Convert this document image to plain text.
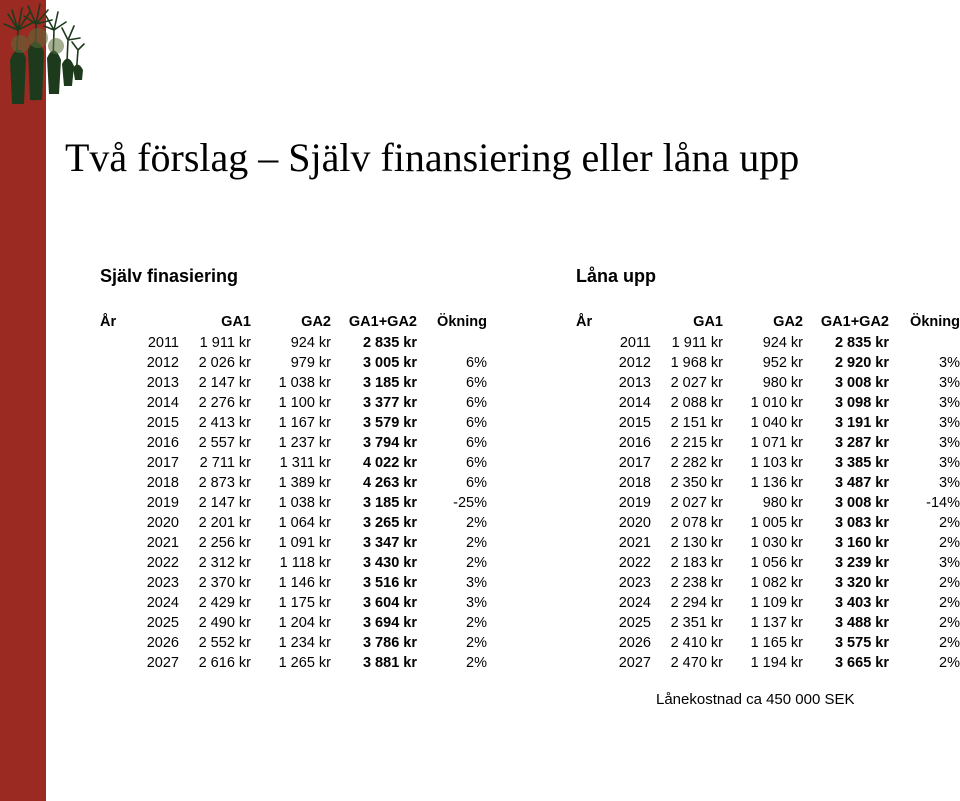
Två förslag – Själv finansiering eller låna upp
Själv finasiering	Låna upp
År	GA1	GA2	GA1+GA2	Ökning
2011	1 911 kr	924 kr	2 835 kr	
2012	2 026 kr	979 kr	3 005 kr	6%
2013	2 147 kr	1 038 kr	3 185 kr	6%
2014	2 276 kr	1 100 kr	3 377 kr	6%
2015	2 413 kr	1 167 kr	3 579 kr	6%
2016	2 557 kr	1 237 kr	3 794 kr	6%
2017	2 711 kr	1 311 kr	4 022 kr	6%
2018	2 873 kr	1 389 kr	4 263 kr	6%
2019	2 147 kr	1 038 kr	3 185 kr	-25%
2020	2 201 kr	1 064 kr	3 265 kr	2%
2021	2 256 kr	1 091 kr	3 347 kr	2%
2022	2 312 kr	1 118 kr	3 430 kr	2%
2023	2 370 kr	1 146 kr	3 516 kr	3%
2024	2 429 kr	1 175 kr	3 604 kr	3%
2025	2 490 kr	1 204 kr	3 694 kr	2%
2026	2 552 kr	1 234 kr	3 786 kr	2%
2027	2 616 kr	1 265 kr	3 881 kr	2%
År	GA1	GA2	GA1+GA2	Ökning
2011	1 911 kr	924 kr	2 835 kr	
2012	1 968 kr	952 kr	2 920 kr	3%
2013	2 027 kr	980 kr	3 008 kr	3%
2014	2 088 kr	1 010 kr	3 098 kr	3%
2015	2 151 kr	1 040 kr	3 191 kr	3%
2016	2 215 kr	1 071 kr	3 287 kr	3%
2017	2 282 kr	1 103 kr	3 385 kr	3%
2018	2 350 kr	1 136 kr	3 487 kr	3%
2019	2 027 kr	980 kr	3 008 kr	-14%
2020	2 078 kr	1 005 kr	3 083 kr	2%
2021	2 130 kr	1 030 kr	3 160 kr	2%
2022	2 183 kr	1 056 kr	3 239 kr	3%
2023	2 238 kr	1 082 kr	3 320 kr	2%
2024	2 294 kr	1 109 kr	3 403 kr	2%
2025	2 351 kr	1 137 kr	3 488 kr	2%
2026	2 410 kr	1 165 kr	3 575 kr	2%
2027	2 470 kr	1 194 kr	3 665 kr	2%
Lånekostnad ca 450 000 SEK
